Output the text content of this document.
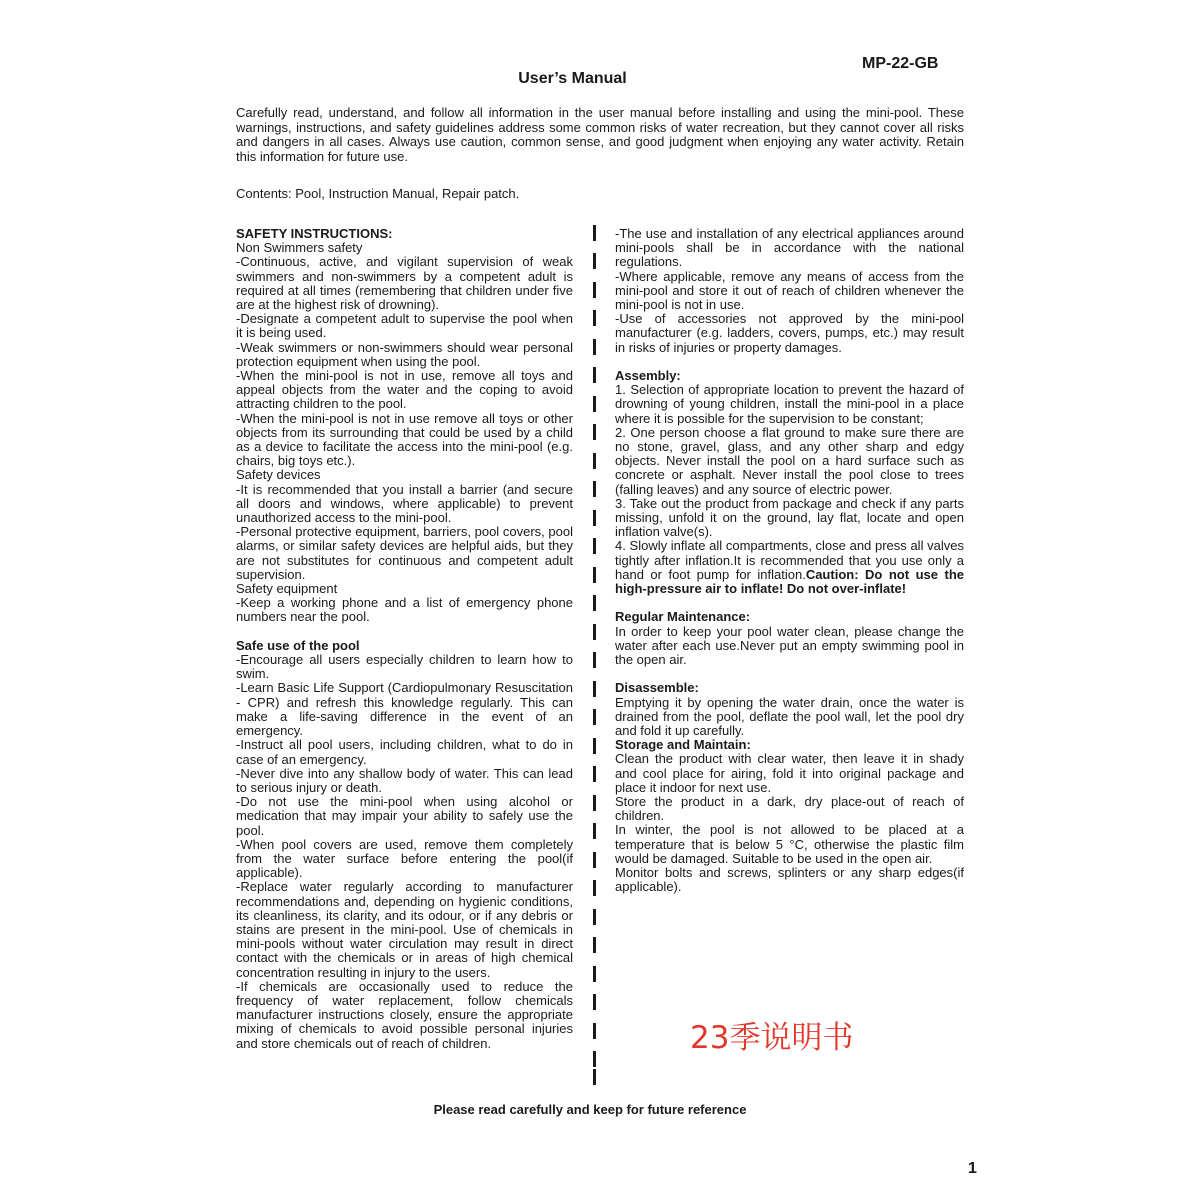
MP-22-GB
User’s Manual

Carefully read, understand, and follow all information in the user manual before installing and using the mini-pool. These warnings, instructions, and safety guidelines address some common risks of water recreation, but they cannot cover all risks and dangers in all cases. Always use caution, common sense, and good judgment when enjoying any water activity. Retain this information for future use.

Contents: Pool, Instruction Manual, Repair patch.

SAFETY INSTRUCTIONS:

Non Swimmers safety

-Continuous, active, and vigilant supervision of weak swimmers and non-swimmers by a competent adult is required at all times (remembering that children under five are at the highest risk of drowning).

-Designate a competent adult to supervise the pool when it is being used.

-Weak swimmers or non-swimmers should wear personal protection equipment when using the pool.

-When the mini-pool is not in use, remove all toys and appeal objects from the water and the coping to avoid attracting children to the pool.

-When the mini-pool is not in use remove all toys or other objects from its surrounding that could be used by a child as a device to facilitate the access into the mini-pool (e.g. chairs, big toys etc.).

Safety devices

-It is recommended that you install a barrier (and secure all doors and windows, where applicable) to prevent unauthorized access to the mini-pool.

-Personal protective equipment, barriers, pool covers, pool alarms, or similar safety devices are helpful aids, but they are not substitutes for continuous and competent adult supervision.

Safety equipment

-Keep a working phone and a list of emergency phone numbers near the pool.

Safe use of the pool

-Encourage all users especially children to learn how to swim.

-Learn Basic Life Support (Cardiopulmonary Resuscitation - CPR) and refresh this knowledge regularly. This can make a life-saving difference in the event of an emergency.

-Instruct all pool users, including children, what to do in case of an emergency.

-Never dive into any shallow body of water. This can lead to serious injury or death.

-Do not use the mini-pool when using alcohol or medication that may impair your ability to safely use the pool.

-When pool covers are used, remove them completely from the water surface before entering the pool(if applicable).

-Replace water regularly according to manufacturer recommendations and, depending on hygienic conditions, its cleanliness, its clarity, and its odour, or if any debris or stains are present in the mini-pool. Use of chemicals in mini-pools without water circulation may result in direct contact with the chemicals or in areas of high chemical concentration resulting in injury to the users.

-If chemicals are occasionally used to reduce the frequency of water replacement, follow chemicals manufacturer instructions closely, ensure the appropriate mixing of chemicals to avoid possible personal injuries and store chemicals out of reach of children.

-The use and installation of any electrical appliances around mini-pools shall be in accordance with the national regulations.

-Where applicable, remove any means of access from the mini-pool and store it out of reach of children whenever the mini-pool is not in use.

-Use of accessories not approved by the mini-pool manufacturer (e.g. ladders, covers, pumps, etc.) may result in risks of injuries or property damages.

Assembly:

1. Selection of appropriate location to prevent the hazard of drowning of young children, install the mini-pool in a place where it is possible for the supervision to be constant;

2. One person choose a flat ground to make sure there are no stone, gravel, glass, and any other sharp and edgy objects. Never install the pool on a hard surface such as concrete or asphalt. Never install the pool close to trees (falling leaves) and any source of electric power.

3. Take out the product from package and check if any parts missing, unfold it on the ground, lay flat, locate and open inflation valve(s).

4. Slowly inflate all compartments, close and press all valves tightly after inflation.It is recommended that you use only a hand or foot pump for inflation.Caution: Do not use the high-pressure air to inflate! Do not over-inflate!

Regular Maintenance:

In order to keep your pool water clean, please change the water after each use.Never put an empty swimming pool in the open air.

Disassemble:

Emptying it by opening the water drain, once the water is drained from the pool, deflate the pool wall, let the pool dry and fold it up carefully.

Storage and Maintain:

Clean the product with clear water, then leave it in shady and cool place for airing, fold it into original package and place it indoor for next use.

Store the product in a dark, dry place-out of reach of children.

In winter, the pool is not allowed to be placed at a temperature that is below 5 °C, otherwise the plastic film would be damaged. Suitable to be used in the open air.

Monitor bolts and screws, splinters or any sharp edges(if applicable).

23季说明书
Please read carefully and keep for future reference
1
